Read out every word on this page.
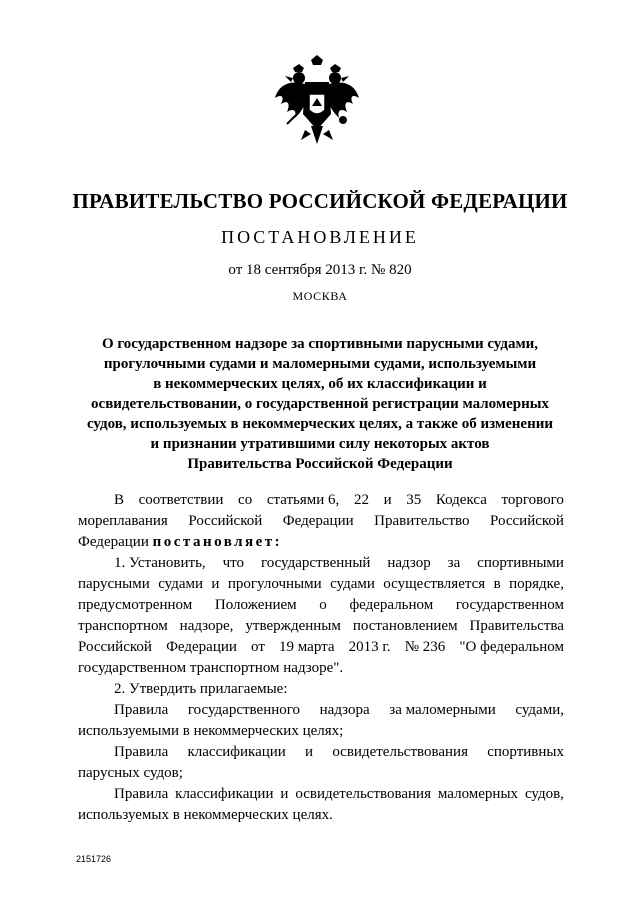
ПРАВИТЕЛЬСТВО РОССИЙСКОЙ ФЕДЕРАЦИИ
ПОСТАНОВЛЕНИЕ
от 18 сентября 2013 г. № 820
МОСКВА
О государственном надзоре за спортивными парусными судами,
прогулочными судами и маломерными судами, используемыми
в некоммерческих целях, об их классификации и
освидетельствовании, о государственной регистрации маломерных
судов, используемых в некоммерческих целях, а также об изменении
и признании утратившими силу некоторых актов
Правительства Российской Федерации
В соответствии со статьями 6, 22 и 35 Кодекса торгового
мореплавания Российской Федерации Правительство Российской
Федерации постановляет:
1. Установить, что государственный надзор за спортивными
парусными судами и прогулочными судами осуществляется в порядке,
предусмотренном Положением о федеральном государственном
транспортном надзоре, утвержденным постановлением Правительства
Российской Федерации от 19 марта 2013 г. № 236 "О федеральном
государственном транспортном надзоре".
2. Утвердить прилагаемые:
Правила государственного надзора за маломерными судами,
используемыми в некоммерческих целях;
Правила классификации и освидетельствования спортивных
парусных судов;
Правила классификации и освидетельствования маломерных судов,
используемых в некоммерческих целях.
2151726
